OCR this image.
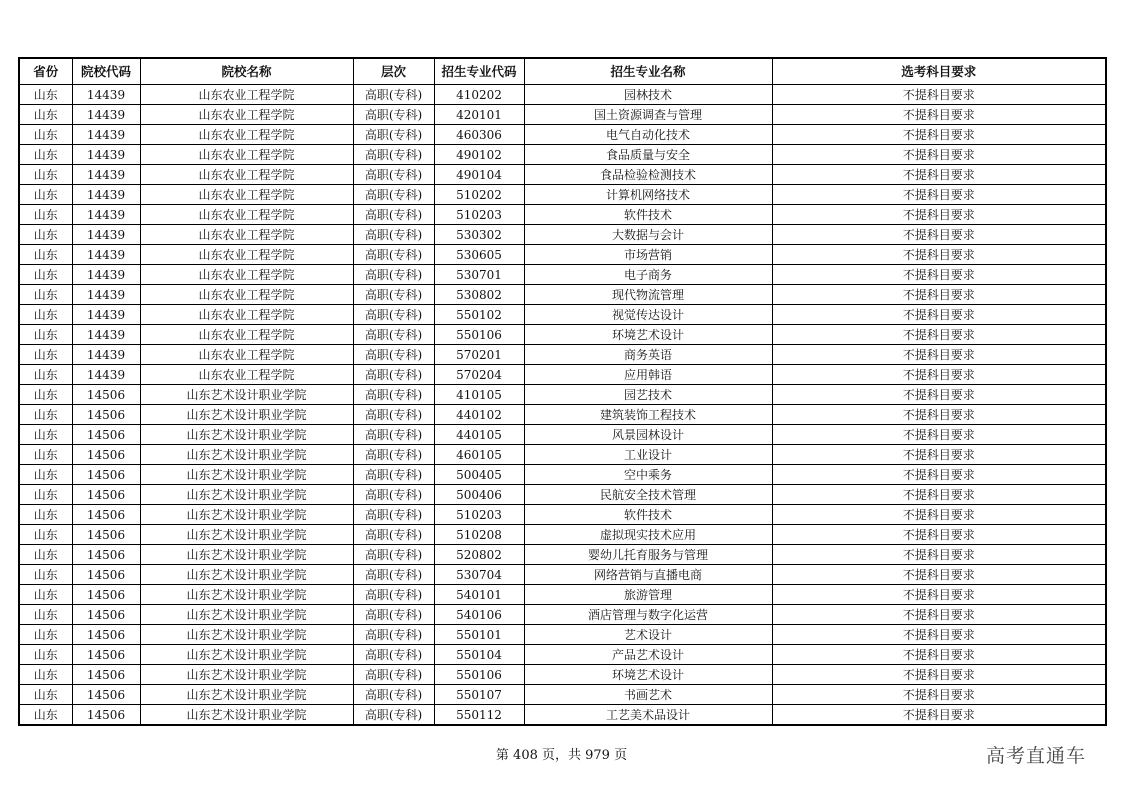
省份	院校代码	院校名称	层次	招生专业代码	招生专业名称	选考科目要求
山东	14439	山东农业工程学院	高职(专科)	410202	园林技术	不提科目要求
山东	14439	山东农业工程学院	高职(专科)	420101	国土资源调查与管理	不提科目要求
山东	14439	山东农业工程学院	高职(专科)	460306	电气自动化技术	不提科目要求
山东	14439	山东农业工程学院	高职(专科)	490102	食品质量与安全	不提科目要求
山东	14439	山东农业工程学院	高职(专科)	490104	食品检验检测技术	不提科目要求
山东	14439	山东农业工程学院	高职(专科)	510202	计算机网络技术	不提科目要求
山东	14439	山东农业工程学院	高职(专科)	510203	软件技术	不提科目要求
山东	14439	山东农业工程学院	高职(专科)	530302	大数据与会计	不提科目要求
山东	14439	山东农业工程学院	高职(专科)	530605	市场营销	不提科目要求
山东	14439	山东农业工程学院	高职(专科)	530701	电子商务	不提科目要求
山东	14439	山东农业工程学院	高职(专科)	530802	现代物流管理	不提科目要求
山东	14439	山东农业工程学院	高职(专科)	550102	视觉传达设计	不提科目要求
山东	14439	山东农业工程学院	高职(专科)	550106	环境艺术设计	不提科目要求
山东	14439	山东农业工程学院	高职(专科)	570201	商务英语	不提科目要求
山东	14439	山东农业工程学院	高职(专科)	570204	应用韩语	不提科目要求
山东	14506	山东艺术设计职业学院	高职(专科)	410105	园艺技术	不提科目要求
山东	14506	山东艺术设计职业学院	高职(专科)	440102	建筑装饰工程技术	不提科目要求
山东	14506	山东艺术设计职业学院	高职(专科)	440105	风景园林设计	不提科目要求
山东	14506	山东艺术设计职业学院	高职(专科)	460105	工业设计	不提科目要求
山东	14506	山东艺术设计职业学院	高职(专科)	500405	空中乘务	不提科目要求
山东	14506	山东艺术设计职业学院	高职(专科)	500406	民航安全技术管理	不提科目要求
山东	14506	山东艺术设计职业学院	高职(专科)	510203	软件技术	不提科目要求
山东	14506	山东艺术设计职业学院	高职(专科)	510208	虚拟现实技术应用	不提科目要求
山东	14506	山东艺术设计职业学院	高职(专科)	520802	婴幼儿托育服务与管理	不提科目要求
山东	14506	山东艺术设计职业学院	高职(专科)	530704	网络营销与直播电商	不提科目要求
山东	14506	山东艺术设计职业学院	高职(专科)	540101	旅游管理	不提科目要求
山东	14506	山东艺术设计职业学院	高职(专科)	540106	酒店管理与数字化运营	不提科目要求
山东	14506	山东艺术设计职业学院	高职(专科)	550101	艺术设计	不提科目要求
山东	14506	山东艺术设计职业学院	高职(专科)	550104	产品艺术设计	不提科目要求
山东	14506	山东艺术设计职业学院	高职(专科)	550106	环境艺术设计	不提科目要求
山东	14506	山东艺术设计职业学院	高职(专科)	550107	书画艺术	不提科目要求
山东	14506	山东艺术设计职业学院	高职(专科)	550112	工艺美术品设计	不提科目要求
第 408 页，共 979 页	高考直通车
